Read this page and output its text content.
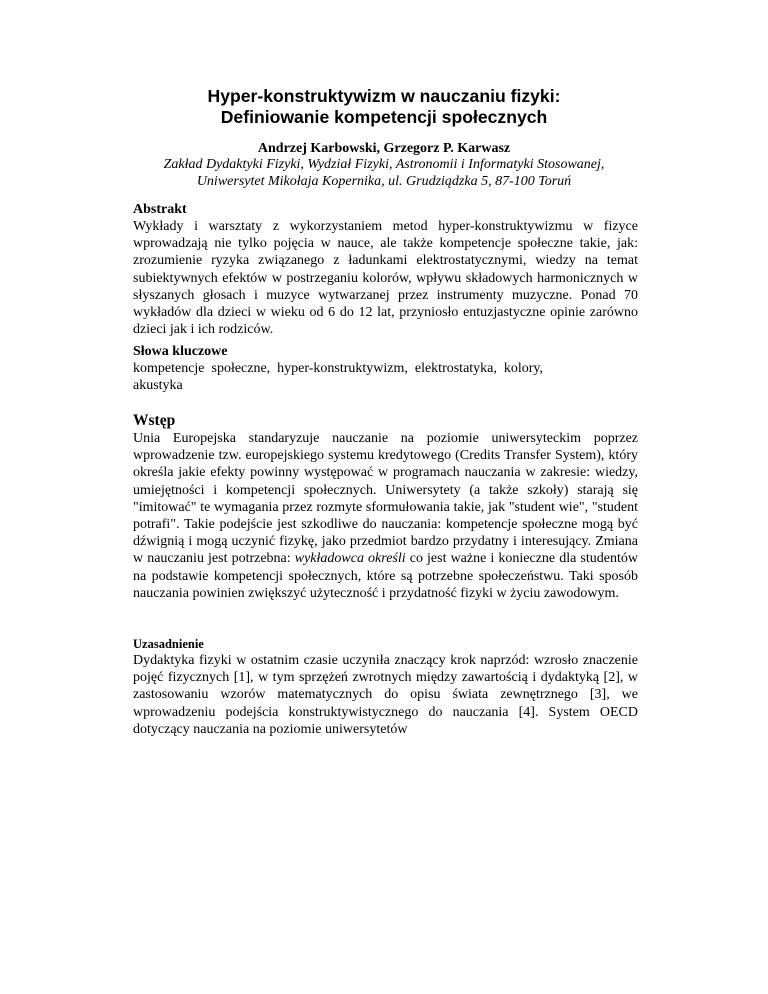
Hyper-konstruktywizm w nauczaniu fizyki:
Definiowanie kompetencji społecznych
Andrzej Karbowski, Grzegorz P. Karwasz
Zakład Dydaktyki Fizyki, Wydział Fizyki, Astronomii i Informatyki Stosowanej,
Uniwersytet Mikołaja Kopernika, ul. Grudziądzka 5, 87-100 Toruń
Abstrakt
Wykłady i warsztaty z wykorzystaniem metod hyper-konstruktywizmu w fizyce wprowadzają nie tylko pojęcia w nauce, ale także kompetencje społeczne takie, jak: zrozumienie ryzyka związanego z ładunkami elektrostatycznymi, wiedzy na temat subiektywnych efektów w postrzeganiu kolorów, wpływu składowych harmonicznych w słyszanych głosach i muzyce wytwarzanej przez instrumenty muzyczne. Ponad 70 wykładów dla dzieci w wieku od 6 do 12 lat, przyniosło entuzjastyczne opinie zarówno dzieci jak i ich rodziców.
Słowa kluczowe
kompetencje społeczne, hyper-konstruktywizm, elektrostatyka, kolory, akustyka
Wstęp
Unia Europejska standaryzuje nauczanie na poziomie uniwersyteckim poprzez wprowadzenie tzw. europejskiego systemu kredytowego (Credits Transfer System), który określa jakie efekty powinny występować w programach nauczania w zakresie: wiedzy, umiejętności i kompetencji społecznych. Uniwersytety (a także szkoły) starają się "imitować" te wymagania przez rozmyte sformułowania takie, jak "student wie", "student potrafi". Takie podejście jest szkodliwe do nauczania: kompetencje społeczne mogą być dźwignią i mogą uczynić fizykę, jako przedmiot bardzo przydatny i interesujący. Zmiana w nauczaniu jest potrzebna: wykładowca określi co jest ważne i konieczne dla studentów na podstawie kompetencji społecznych, które są potrzebne społeczeństwu. Taki sposób nauczania powinien zwiększyć użyteczność i przydatność fizyki w życiu zawodowym.
Uzasadnienie
Dydaktyka fizyki w ostatnim czasie uczyniła znaczący krok naprzód: wzrosło znaczenie pojęć fizycznych [1], w tym sprzężeń zwrotnych między zawartością i dydaktyką [2], w zastosowaniu wzorów matematycznych do opisu świata zewnętrznego [3], we wprowadzeniu podejścia konstruktywistycznego do nauczania [4]. System OECD dotyczący nauczania na poziomie uniwersytetów
